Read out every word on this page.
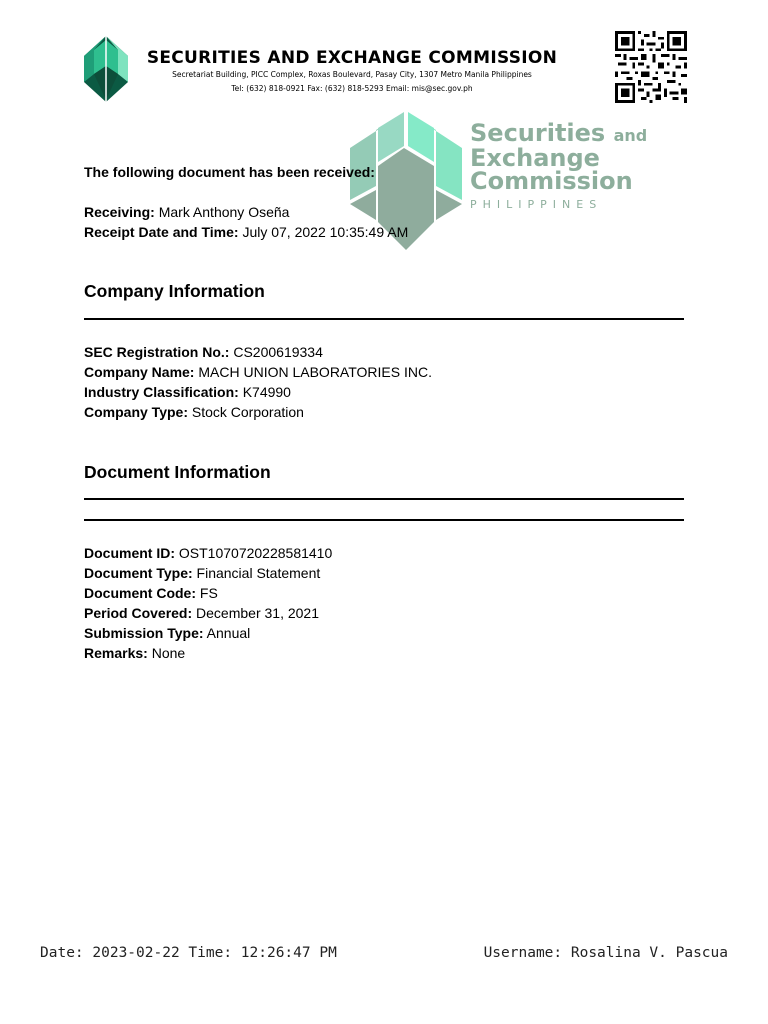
SECURITIES AND EXCHANGE COMMISSION
Secretariat Building, PICC Complex, Roxas Boulevard, Pasay City, 1307 Metro Manila Philippines
Tel: (632) 818-0921 Fax: (632) 818-5293 Email: mis@sec.gov.ph
Securities and
Exchange
Commission
PHILIPPINES
The following document has been received:
Receiving: Mark Anthony Oseña
Receipt Date and Time: July 07, 2022 10:35:49 AM
Company Information
SEC Registration No.: CS200619334
Company Name: MACH UNION LABORATORIES INC.
Industry Classification: K74990
Company Type: Stock Corporation
Document Information
Document ID: OST1070720228581410
Document Type: Financial Statement
Document Code: FS
Period Covered: December 31, 2021
Submission Type: Annual
Remarks: None
Date: 2023-02-22 Time: 12:26:47 PM	Username: Rosalina V. Pascua
